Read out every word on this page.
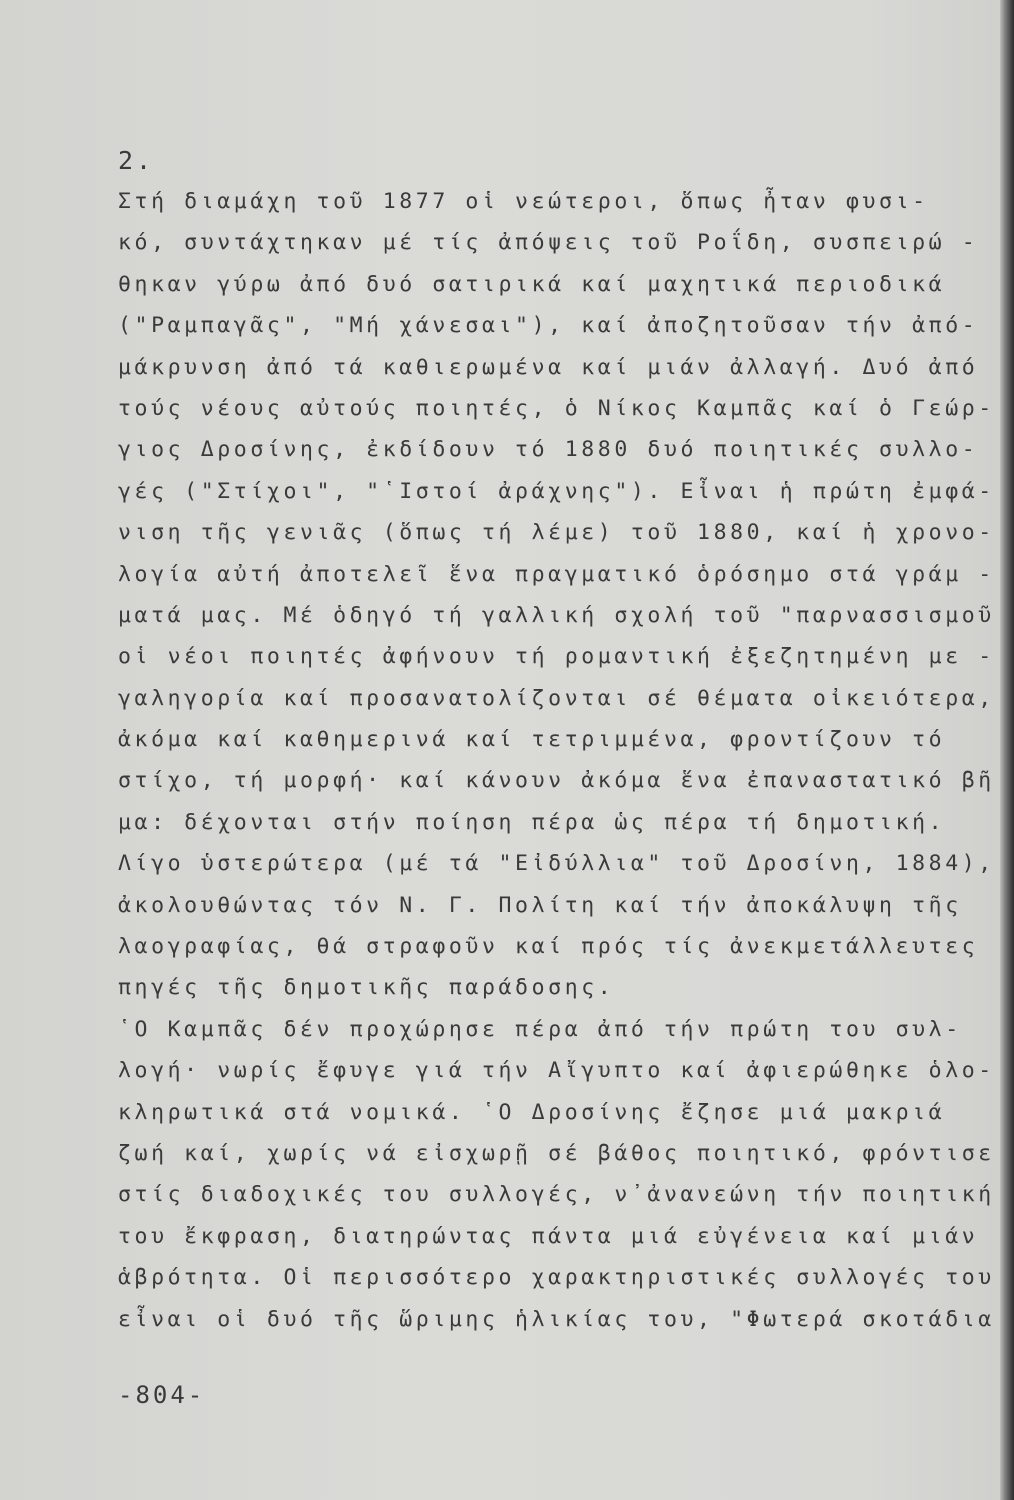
2.
Στή διαμάχη τοῦ 1877 οἱ νεώτεροι, ὅπως ἦταν φυσι-
κό, συντάχτηκαν μέ τίς ἀπόψεις τοῦ Ροΐδη, συσπειρώ -
θηκαν γύρω ἀπό δυό σατιρικά καί μαχητικά περιοδικά
("Ραμπαγᾶς", "Μή χάνεσαι"), καί ἀποζητοῦσαν τήν ἀπό-
μάκρυνση ἀπό τά καθιερωμένα καί μιάν ἀλλαγή. Δυό ἀπό
τούς νέους αὐτούς ποιητές, ὁ Νίκος Καμπᾶς καί ὁ Γεώρ-
γιος Δροσίνης, ἐκδίδουν τό 1880 δυό ποιητικές συλλο-
γές ("Στίχοι", "῾Ιστοί ἀράχνης"). Εἶναι ἡ πρώτη ἐμφά-
νιση τῆς γενιᾶς (ὅπως τή λέμε) τοῦ 1880, καί ἡ χρονο-
λογία αὐτή ἀποτελεῖ ἕνα πραγματικό ὁρόσημο στά γράμ -
ματά μας. Μέ ὁδηγό τή γαλλική σχολή τοῦ "παρνασσισμοῦ
οἱ νέοι ποιητές ἀφήνουν τή ρομαντική ἐξεζητημένη με -
γαληγορία καί προσανατολίζονται σέ θέματα οἰκειότερα,
ἀκόμα καί καθημερινά καί τετριμμένα, φροντίζουν τό
στίχο, τή μορφή· καί κάνουν ἀκόμα ἕνα ἐπαναστατικό βῆ
μα: δέχονται στήν ποίηση πέρα ὡς πέρα τή δημοτική.
Λίγο ὑστερώτερα (μέ τά "Εἰδύλλια" τοῦ Δροσίνη, 1884),
ἀκολουθώντας τόν Ν. Γ. Πολίτη καί τήν ἀποκάλυψη τῆς
λαογραφίας, θά στραφοῦν καί πρός τίς ἀνεκμετάλλευτες
πηγές τῆς δημοτικῆς παράδοσης.
῾Ο Καμπᾶς δέν προχώρησε πέρα ἀπό τήν πρώτη του συλ-
λογή· νωρίς ἔφυγε γιά τήν Αἴγυπτο καί ἀφιερώθηκε ὁλο-
κληρωτικά στά νομικά. ῾Ο Δροσίνης ἔζησε μιά μακριά
ζωή καί, χωρίς νά εἰσχωρῇ σέ βάθος ποιητικό, φρόντισε
στίς διαδοχικές του συλλογές, ν᾽ἀνανεώνη τήν ποιητική
του ἔκφραση, διατηρώντας πάντα μιά εὐγένεια καί μιάν
ἁβρότητα. Οἱ περισσότερο χαρακτηριστικές συλλογές του
εἶναι οἱ δυό τῆς ὥριμης ἡλικίας του, "Φωτερά σκοτάδια
-804-
